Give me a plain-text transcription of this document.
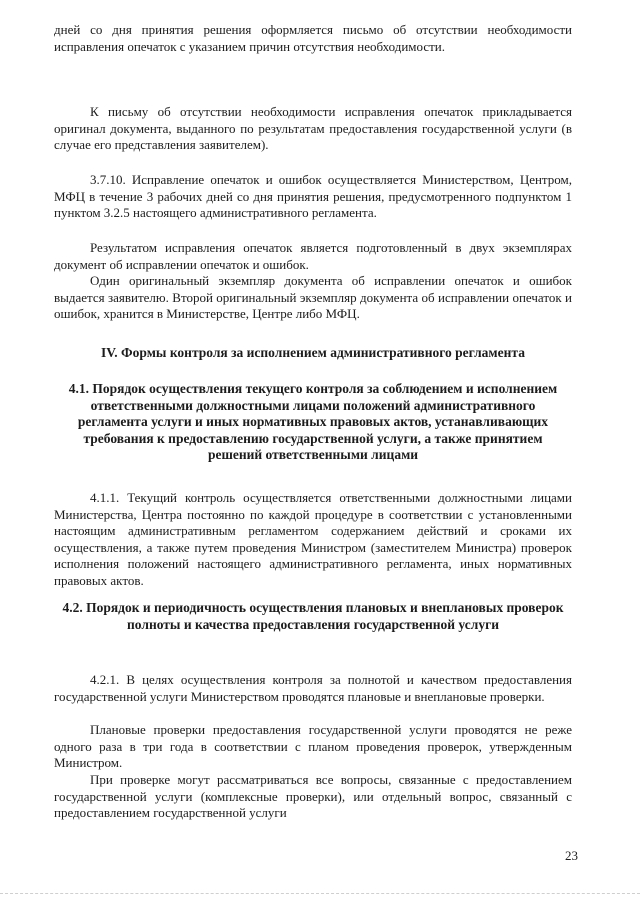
дней со дня принятия решения оформляется письмо об отсутствии необходимости исправления опечаток с указанием причин отсутствия необходимости.

К письму об отсутствии необходимости исправления опечаток прикладывается оригинал документа, выданного по результатам предоставления государственной услуги (в случае его представления заявителем).

3.7.10. Исправление опечаток и ошибок осуществляется Министерством, Центром, МФЦ в течение 3 рабочих дней со дня принятия решения, предусмотренного подпунктом 1 пунктом 3.2.5 настоящего административного регламента.

Результатом исправления опечаток является подготовленный в двух экземплярах документ об исправлении опечаток и ошибок.

Один оригинальный экземпляр документа об исправлении опечаток и ошибок выдается заявителю. Второй оригинальный экземпляр документа об исправлении опечаток и ошибок, хранится в Министерстве, Центре либо МФЦ.

IV. Формы контроля за исполнением административного регламента

4.1. Порядок осуществления текущего контроля за соблюдением и исполнением ответственными должностными лицами положений административного регламента услуги и иных нормативных правовых актов, устанавливающих требования к предоставлению государственной услуги, а также принятием решений ответственными лицами

4.1.1. Текущий контроль осуществляется ответственными должностными лицами Министерства, Центра постоянно по каждой процедуре в соответствии с установленными настоящим административным регламентом содержанием действий и сроками их осуществления, а также путем проведения Министром (заместителем Министра) проверок исполнения положений настоящего административного регламента, иных нормативных правовых актов.

4.2. Порядок и периодичность осуществления плановых и внеплановых проверок полноты и качества предоставления государственной услуги

4.2.1. В целях осуществления контроля за полнотой и качеством предоставления государственной услуги Министерством проводятся плановые и внеплановые проверки.

Плановые проверки предоставления государственной услуги проводятся не реже одного раза в три года в соответствии с планом проведения проверок, утвержденным Министром.

При проверке могут рассматриваться все вопросы, связанные с предоставлением государственной услуги (комплексные проверки), или отдельный вопрос, связанный с предоставлением государственной услуги

23
